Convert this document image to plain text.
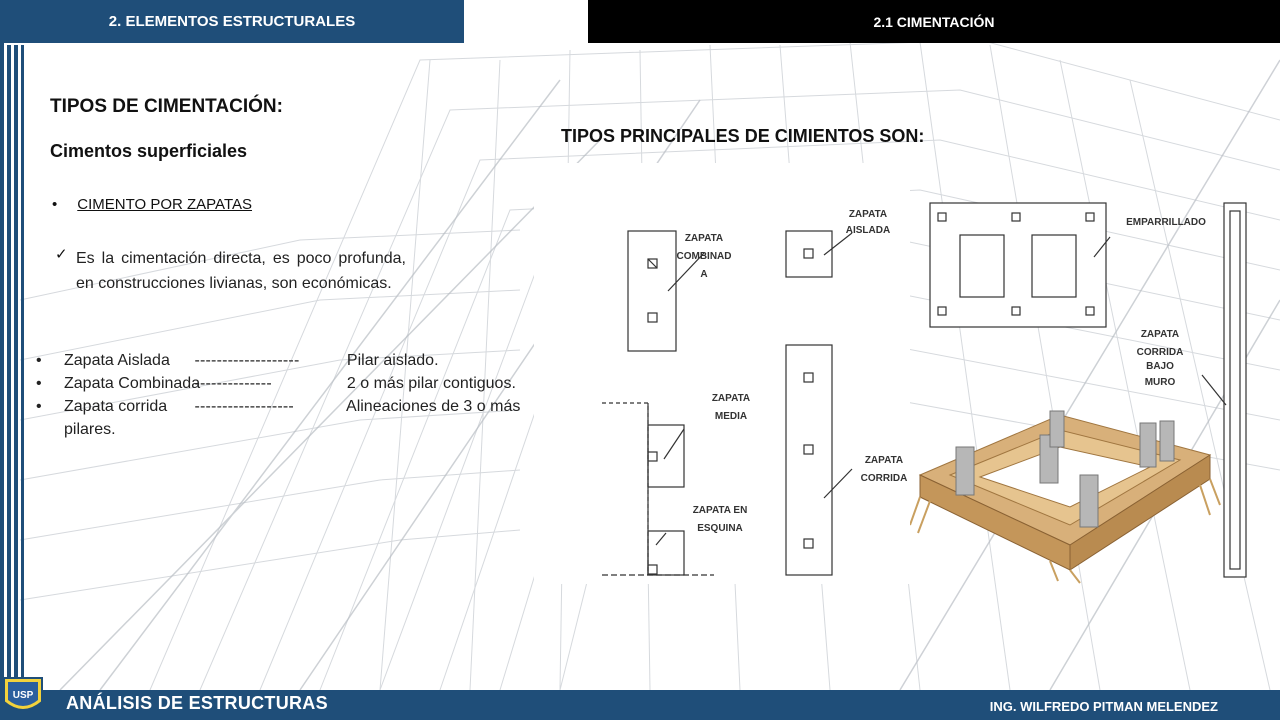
2. ELEMENTOS ESTRUCTURALES	2.1 CIMENTACIÓN
TIPOS DE CIMENTACIÓN:
Cimentos superficiales
• CIMENTO POR ZAPATAS
✓ Es la cimentación directa, es poco profunda, en construcciones livianas, son económicas.
• Zapata Aislada -------------------	Pilar aislado.
• Zapata Combinada --------------	2 o más pilar contiguos.
• Zapata corrida ------------------	Alineaciones de 3 o más
pilares.
TIPOS PRINCIPALES DE CIMIENTOS SON:
ZAPATA
COMBINAD
A
ZAPATA
AISLADA
ZAPATA
MEDIA
ZAPATA
CORRIDA
ZAPATA EN
ESQUINA
EMPARRILLADO
ZAPATA
CORRIDA
BAJO
MURO
USP ANÁLISIS DE ESTRUCTURAS	ING. WILFREDO PITMAN MELENDEZ
